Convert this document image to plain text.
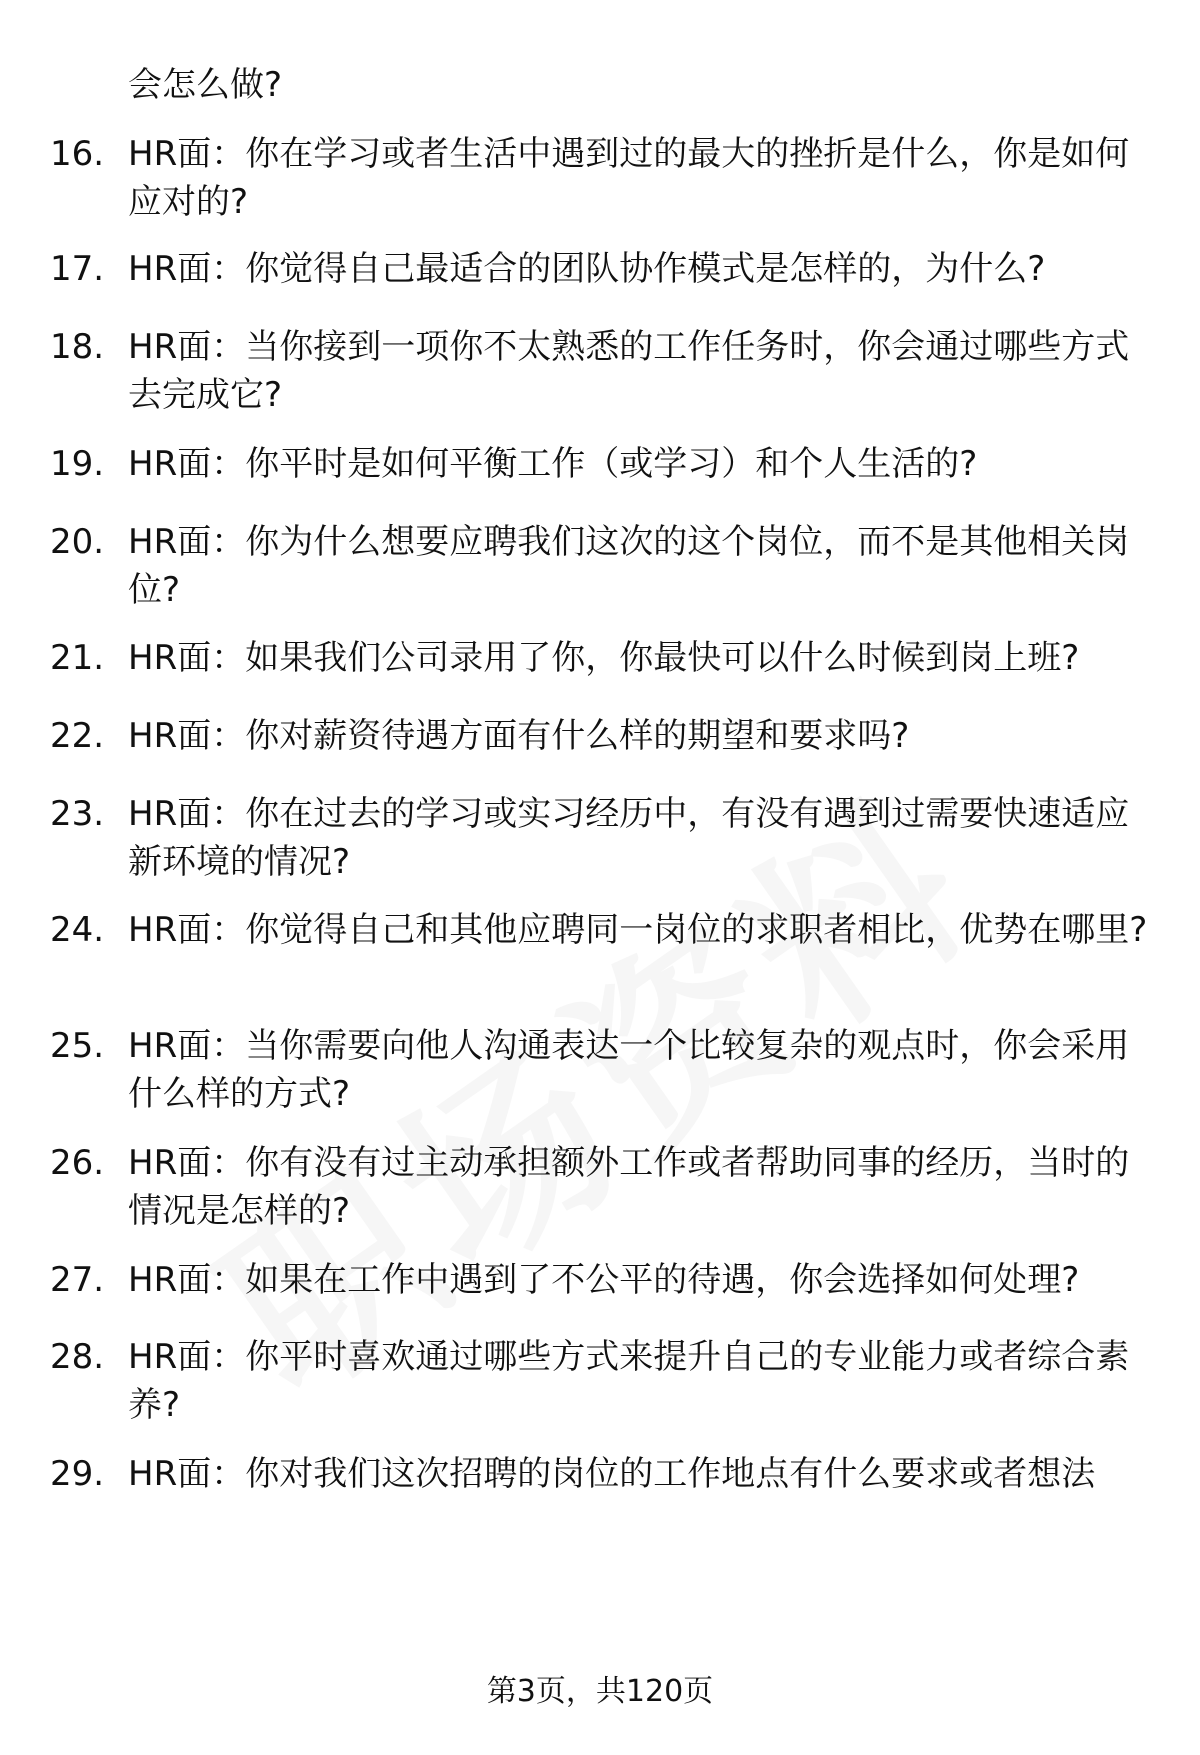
会怎么做?
16. HR面：你在学习或者生活中遇到过的最大的挫折是什么，你是如何应对的?
17. HR面：你觉得自己最适合的团队协作模式是怎样的，为什么?
18. HR面：当你接到一项你不太熟悉的工作任务时，你会通过哪些方式去完成它?
19. HR面：你平时是如何平衡工作（或学习）和个人生活的?
20. HR面：你为什么想要应聘我们这次的这个岗位，而不是其他相关岗位?
21. HR面：如果我们公司录用了你，你最快可以什么时候到岗上班?
22. HR面：你对薪资待遇方面有什么样的期望和要求吗?
23. HR面：你在过去的学习或实习经历中，有没有遇到过需要快速适应新环境的情况?
24. HR面：你觉得自己和其他应聘同一岗位的求职者相比，优势在哪里?
25. HR面：当你需要向他人沟通表达一个比较复杂的观点时，你会采用什么样的方式?
26. HR面：你有没有过主动承担额外工作或者帮助同事的经历，当时的情况是怎样的?
27. HR面：如果在工作中遇到了不公平的待遇，你会选择如何处理?
28. HR面：你平时喜欢通过哪些方式来提升自己的专业能力或者综合素养?
29. HR面：你对我们这次招聘的岗位的工作地点有什么要求或者想法
第3页，共120页
